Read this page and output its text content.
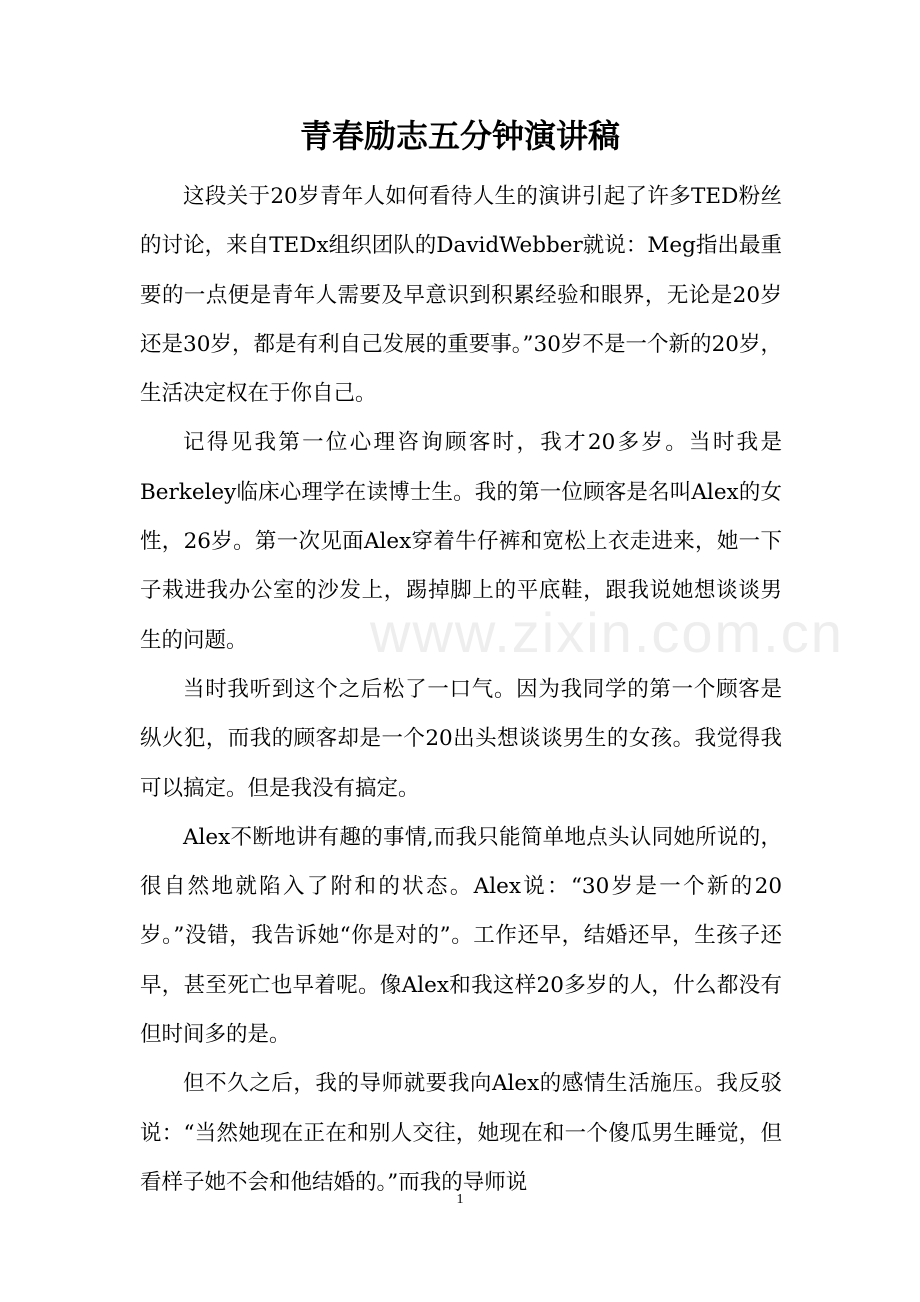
青春励志五分钟演讲稿

这段关于20岁青年人如何看待人生的演讲引起了许多TED粉丝的讨论，来自TEDx组织团队的DavidWebber就说：Meg指出最重要的一点便是青年人需要及早意识到积累经验和眼界，无论是20岁还是30岁，都是有利自己发展的重要事。”30岁不是一个新的20岁，生活决定权在于你自己。

记得见我第一位心理咨询顾客时，我才20多岁。当时我是Berkeley临床心理学在读博士生。我的第一位顾客是名叫Alex的女性，26岁。第一次见面Alex穿着牛仔裤和宽松上衣走进来，她一下子栽进我办公室的沙发上，踢掉脚上的平底鞋，跟我说她想谈谈男生的问题。

当时我听到这个之后松了一口气。因为我同学的第一个顾客是纵火犯，而我的顾客却是一个20出头想谈谈男生的女孩。我觉得我可以搞定。但是我没有搞定。

Alex不断地讲有趣的事情,而我只能简单地点头认同她所说的，很自然地就陷入了附和的状态。Alex说：“30岁是一个新的20岁。”没错，我告诉她“你是对的”。工作还早，结婚还早，生孩子还早，甚至死亡也早着呢。像Alex和我这样20多岁的人，什么都没有但时间多的是。

但不久之后，我的导师就要我向Alex的感情生活施压。我反驳说：“当然她现在正在和别人交往，她现在和一个傻瓜男生睡觉，但看样子她不会和他结婚的。”而我的导师说

www.zixin.com.cn
1
